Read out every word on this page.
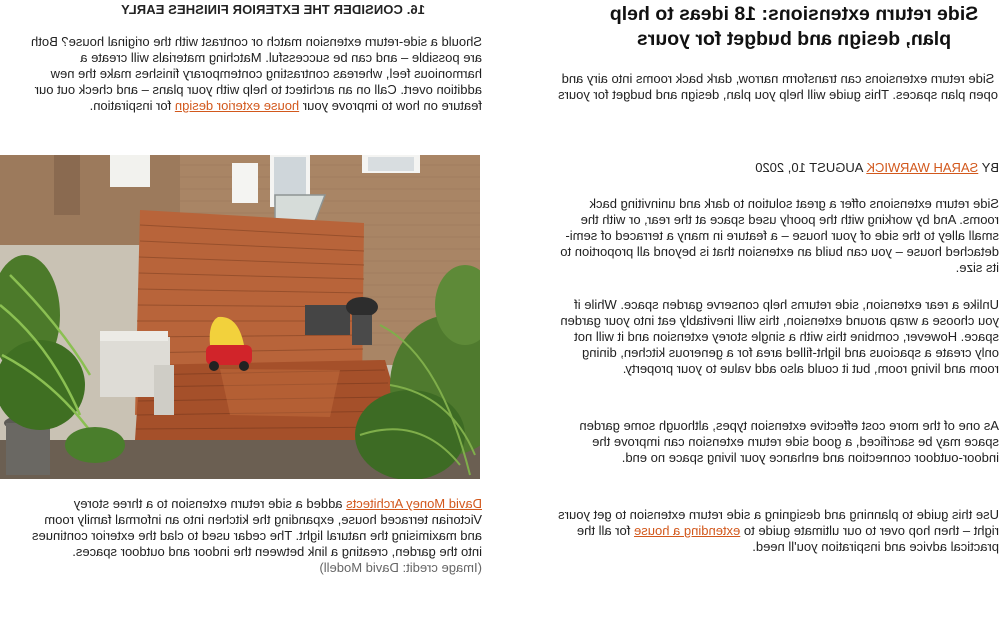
Side return extensions: 18 ideas to help plan, design and budget for yours

Side return extensions can transform narrow, dark back rooms into airy and open plan spaces. This guide will help you plan, design and budget for yours

BY SARAH WARWICK AUGUST 10, 2020

Side return extensions offer a great solution to dark and uninviting back rooms. And by working with the poorly used space at the rear, or with the small alley to the side of your house – a feature in many a terraced of semi-detached house – you can build an extension that is beyond all proportion to its size.

Unlike a rear extension, side returns help conserve garden space. While if you choose a wrap around extension, this will inevitably eat into your garden space. However, combine this with a single storey extension and it will not only create a spacious and light-filled area for a generous kitchen, dining room and living room, but it could also add value to your property.

As one of the more cost effective extension types, although some garden space may be sacrificed, a good side return extension can improve the indoor-outdoor connection and enhance your living space no end.

Use this guide to planning and designing a side return extension to get yours right – then hop over to our ultimate guide to extending a house for all the practical advice and inspiration you'll need.

16. CONSIDER THE EXTERIOR FINISHES EARLY

Should a side-return extension match or contrast with the original house? Both are possible – and can be successful. Matching materials will create a harmonious feel, whereas contrasting contemporary finishes make the new addition overt. Call on an architect to help with your plans – and check out our feature on how to improve your house exterior design for inspiration.

David Money Architects added a side return extension to a three storey Victorian terraced house, expanding the kitchen into an informal family room and maximising the natural light. The cedar used to clad the exterior continues into the garden, creating a link between the indoor and outdoor spaces.
(Image credit: David Modell)
